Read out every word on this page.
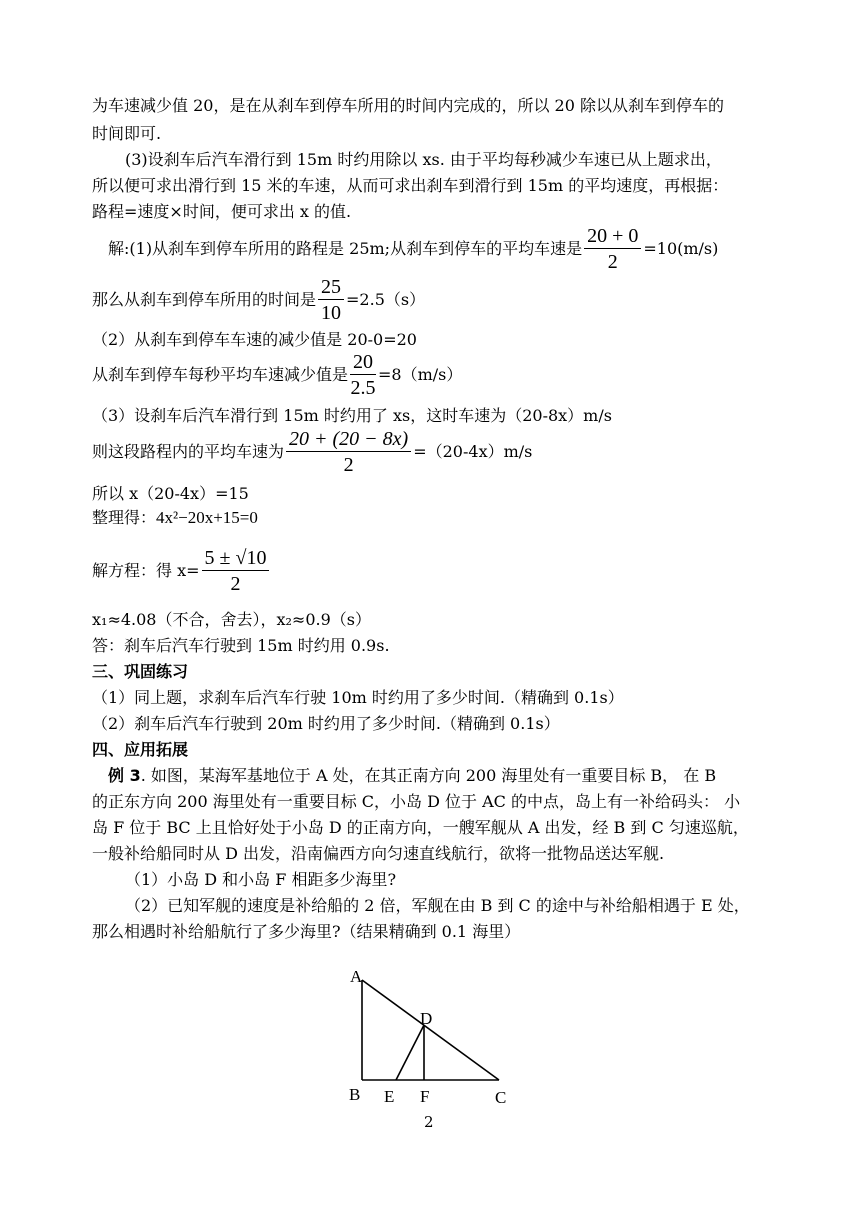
为车速减少值 20，是在从刹车到停车所用的时间内完成的，所以 20 除以从刹车到停车的
时间即可.
(3)设刹车后汽车滑行到 15m 时约用除以 xs. 由于平均每秒减少车速已从上题求出，
所以便可求出滑行到 15 米的车速，从而可求出刹车到滑行到 15m 的平均速度，再根据：
路程=速度×时间，便可求出 x 的值.
解:(1)从刹车到停车所用的路程是 25m;从刹车到停车的平均车速是 $\frac{20 + 0}{2} =10(m/s)$
那么从刹车到停车所用的时间是 $\frac{25}{10} =2.5(s)$
（2）从刹车到停车车速的减少值是 20-0=20
从刹车到停车每秒平均车速减少值是 $\frac{20}{2.5} =8(m/s)$
（3）设刹车后汽车滑行到 15m 时约用了 xs，这时车速为（20-8x）m/s
则这段路程内的平均车速为 $\frac{20 + (20 - 8x)}{2} =(20-4x)m/s$
所以 x（20-4x）=15
整理得：4x²−20x+15=0
解方程：得 $x= \frac{5 \pm √10}{2}$
x₁≈4.08（不合，舍去），x₂≈0.9（s）
答：刹车后汽车行驶到 15m 时约用 0.9s.
三、巩固练习
（1）同上题，求刹车后汽车行驶 10m 时约用了多少时间.（精确到 0.1s）
（2）刹车后汽车行驶到 20m 时约用了多少时间.（精确到 0.1s）
四、应用拓展
例 3. 如图，某海军基地位于 A 处，在其正南方向 200 海里处有一重要目标 B， 在 B
的正东方向 200 海里处有一重要目标 C，小岛 D 位于 AC 的中点，岛上有一补给码头： 小
岛 F 位于 BC 上且恰好处于小岛 D 的正南方向，一艘军舰从 A 出发，经 B 到 C 匀速巡航，
一般补给船同时从 D 出发，沿南偏西方向匀速直线航行，欲将一批物品送达军舰.
（1）小岛 D 和小岛 F 相距多少海里?
（2）已知军舰的速度是补给船的 2 倍，军舰在由 B 到 C 的途中与补给船相遇于 E 处，
那么相遇时补给船航行了多少海里?（结果精确到 0.1 海里）
A
B	C
D
E F
2
